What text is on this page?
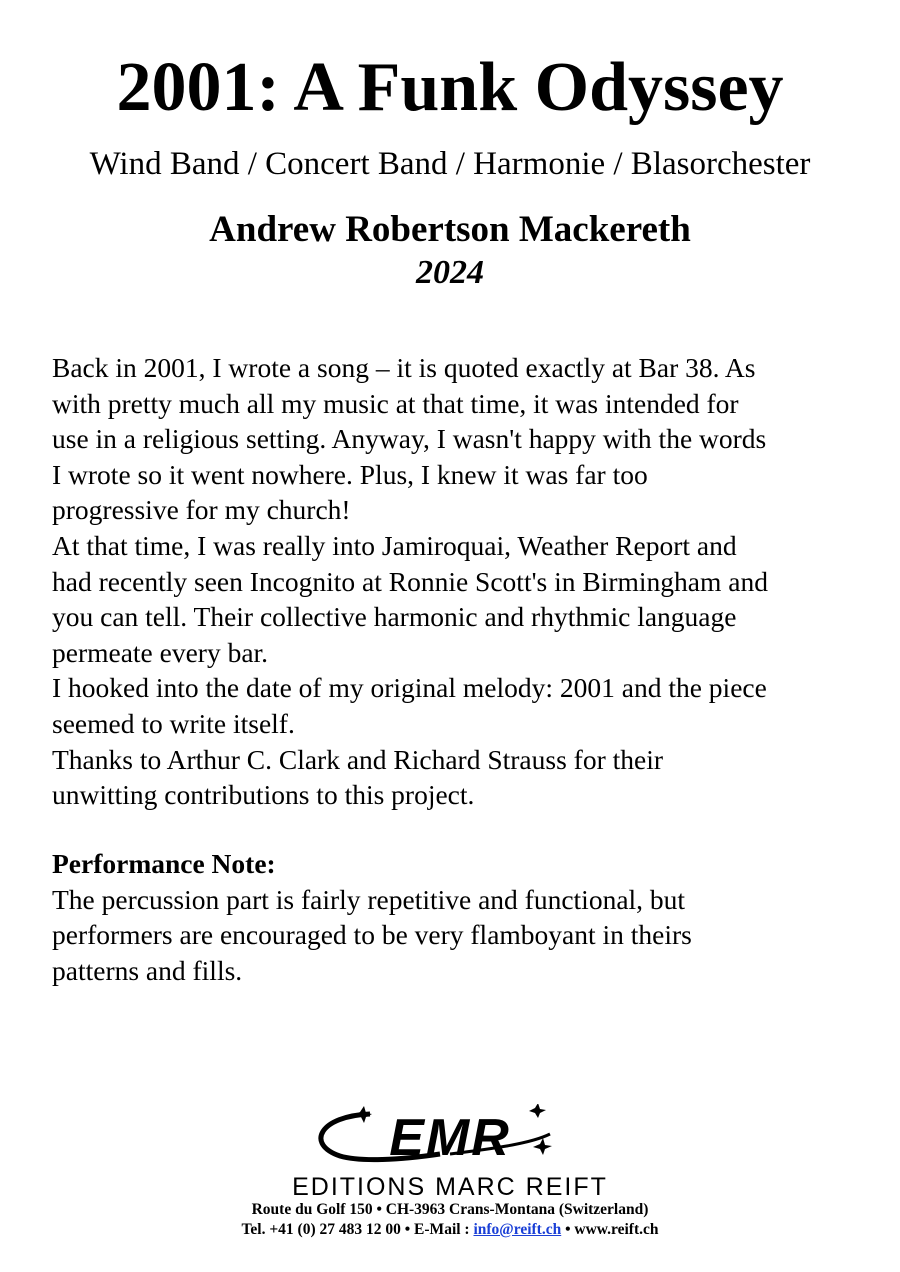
2001: A Funk Odyssey

Wind Band / Concert Band / Harmonie / Blasorchester

Andrew Robertson Mackereth

2024

Back in 2001, I wrote a song – it is quoted exactly at Bar 38. As
with pretty much all my music at that time, it was intended for
use in a religious setting. Anyway, I wasn't happy with the words
I wrote so it went nowhere. Plus, I knew it was far too
progressive for my church!
At that time, I was really into Jamiroquai, Weather Report and
had recently seen Incognito at Ronnie Scott's in Birmingham and
you can tell. Their collective harmonic and rhythmic language
permeate every bar.
I hooked into the date of my original melody: 2001 and the piece
seemed to write itself.
Thanks to Arthur C. Clark and Richard Strauss for their
unwitting contributions to this project.
Performance Note:
The percussion part is fairly repetitive and functional, but
performers are encouraged to be very flamboyant in theirs
patterns and fills.
EMR
EDITIONS MARC REIFT
Route du Golf 150 • CH-3963 Crans-Montana (Switzerland)
Tel. +41 (0) 27 483 12 00 • E-Mail : info@reift.ch • www.reift.ch
